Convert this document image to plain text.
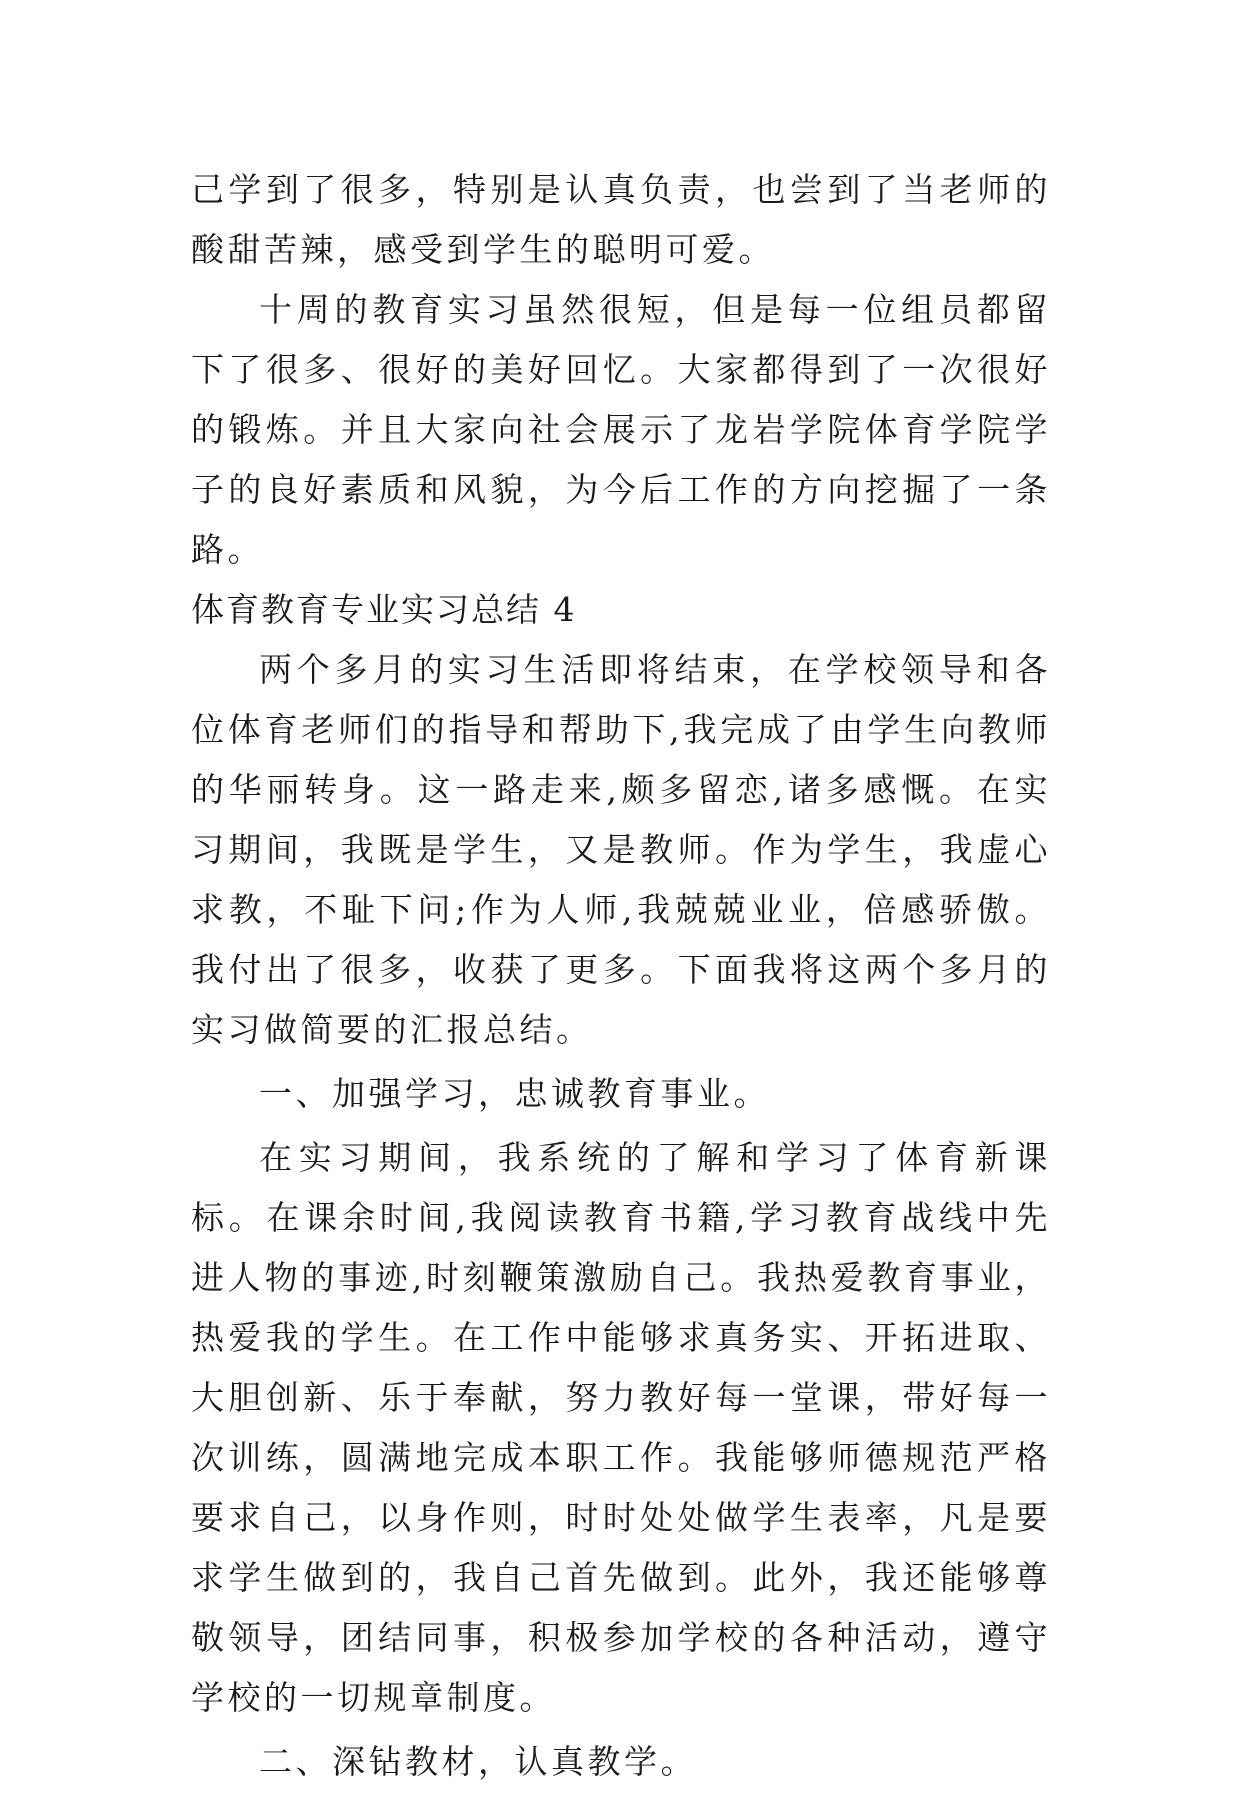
己学到了很多，特别是认真负责，也尝到了当老师的酸甜苦辣，感受到学生的聪明可爱。

十周的教育实习虽然很短，但是每一位组员都留下了很多、很好的美好回忆。大家都得到了一次很好的锻炼。并且大家向社会展示了龙岩学院体育学院学子的良好素质和风貌，为今后工作的方向挖掘了一条路。

体育教育专业实习总结 4

两个多月的实习生活即将结束，在学校领导和各位体育老师们的指导和帮助下,我完成了由学生向教师的华丽转身。这一路走来,颇多留恋,诸多感慨。在实习期间，我既是学生，又是教师。作为学生，我虚心求教，不耻下问;作为人师,我兢兢业业，倍感骄傲。我付出了很多，收获了更多。下面我将这两个多月的实习做简要的汇报总结。

一、加强学习，忠诚教育事业。

在实习期间，我系统的了解和学习了体育新课标。在课余时间,我阅读教育书籍,学习教育战线中先进人物的事迹,时刻鞭策激励自己。我热爱教育事业，热爱我的学生。在工作中能够求真务实、开拓进取、大胆创新、乐于奉献，努力教好每一堂课，带好每一次训练，圆满地完成本职工作。我能够师德规范严格要求自己，以身作则，时时处处做学生表率，凡是要求学生做到的，我自己首先做到。此外，我还能够尊敬领导，团结同事，积极参加学校的各种活动，遵守学校的一切规章制度。

二、深钻教材，认真教学。
